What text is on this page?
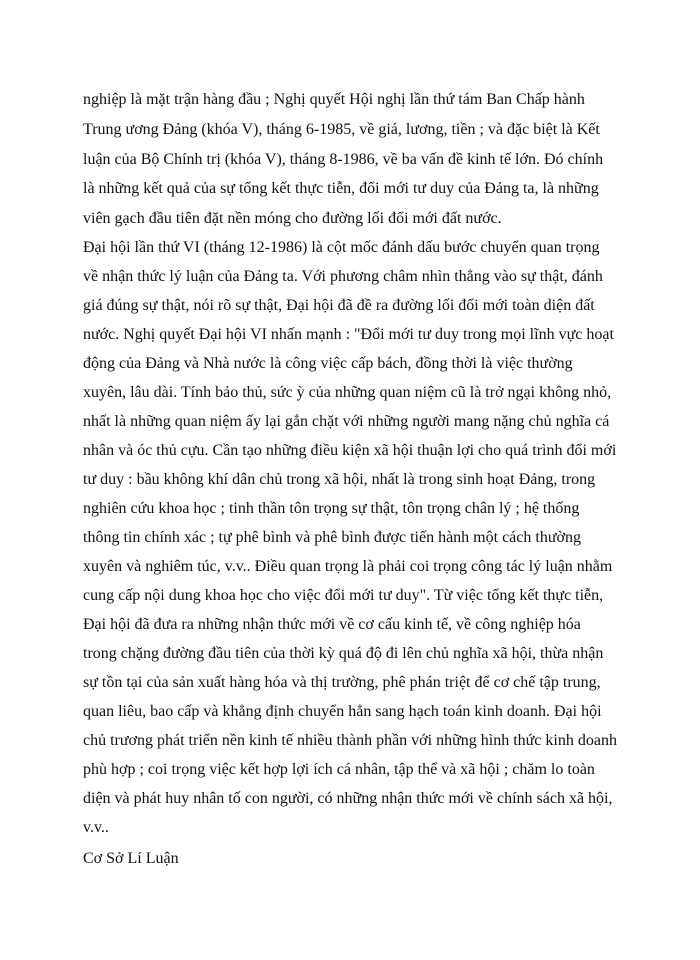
nghiệp là mặt trận hàng đầu ; Nghị quyết Hội nghị lần thứ tám Ban Chấp hành
Trung ương Đảng (khóa V), tháng 6-1985, về giá, lương, tiền ; và đặc biệt là Kết
luận của Bộ Chính trị (khóa V), tháng 8-1986, về ba vấn đề kinh tế lớn. Đó chính
là những kết quả của sự tổng kết thực tiễn, đổi mới tư duy của Đảng ta, là những
viên gạch đầu tiên đặt nền móng cho đường lối đổi mới đất nước.
Đại hội lần thứ VI (tháng 12-1986) là cột mốc đánh dấu bước chuyển quan trọng
về nhận thức lý luận của Đảng ta. Với phương châm nhìn thẳng vào sự thật, đánh
giá đúng sự thật, nói rõ sự thật, Đại hội đã đề ra đường lối đổi mới toàn diện đất
nước. Nghị quyết Đại hội VI nhấn mạnh : "Đổi mới tư duy trong mọi lĩnh vực hoạt
động của Đảng và Nhà nước là công việc cấp bách, đồng thời là việc thường
xuyên, lâu dài. Tính bảo thủ, sức ỳ của những quan niệm cũ là trở ngại không nhỏ,
nhất là những quan niệm ấy lại gắn chặt với những người mang nặng chủ nghĩa cá
nhân và óc thủ cựu. Cần tạo những điều kiện xã hội thuận lợi cho quá trình đổi mới
tư duy : bầu không khí dân chủ trong xã hội, nhất là trong sinh hoạt Đảng, trong
nghiên cứu khoa học ; tinh thần tôn trọng sự thật, tôn trọng chân lý ; hệ thống
thông tin chính xác ; tự phê bình và phê bình được tiến hành một cách thường
xuyên và nghiêm túc, v.v.. Điều quan trọng là phải coi trọng công tác lý luận nhằm
cung cấp nội dung khoa học cho việc đổi mới tư duy". Từ việc tổng kết thực tiễn,
Đại hội đã đưa ra những nhận thức mới về cơ cấu kinh tế, về công nghiệp hóa
trong chặng đường đầu tiên của thời kỳ quá độ đi lên chủ nghĩa xã hội, thừa nhận
sự tồn tại của sản xuất hàng hóa và thị trường, phê phán triệt để cơ chế tập trung,
quan liêu, bao cấp và khẳng định chuyển hẳn sang hạch toán kinh doanh. Đại hội
chủ trương phát triển nền kinh tế nhiều thành phần với những hình thức kinh doanh
phù hợp ; coi trọng việc kết hợp lợi ích cá nhân, tập thể và xã hội ; chăm lo toàn
diện và phát huy nhân tố con người, có những nhận thức mới về chính sách xã hội,
v.v..
Cơ Sở Lí Luận
